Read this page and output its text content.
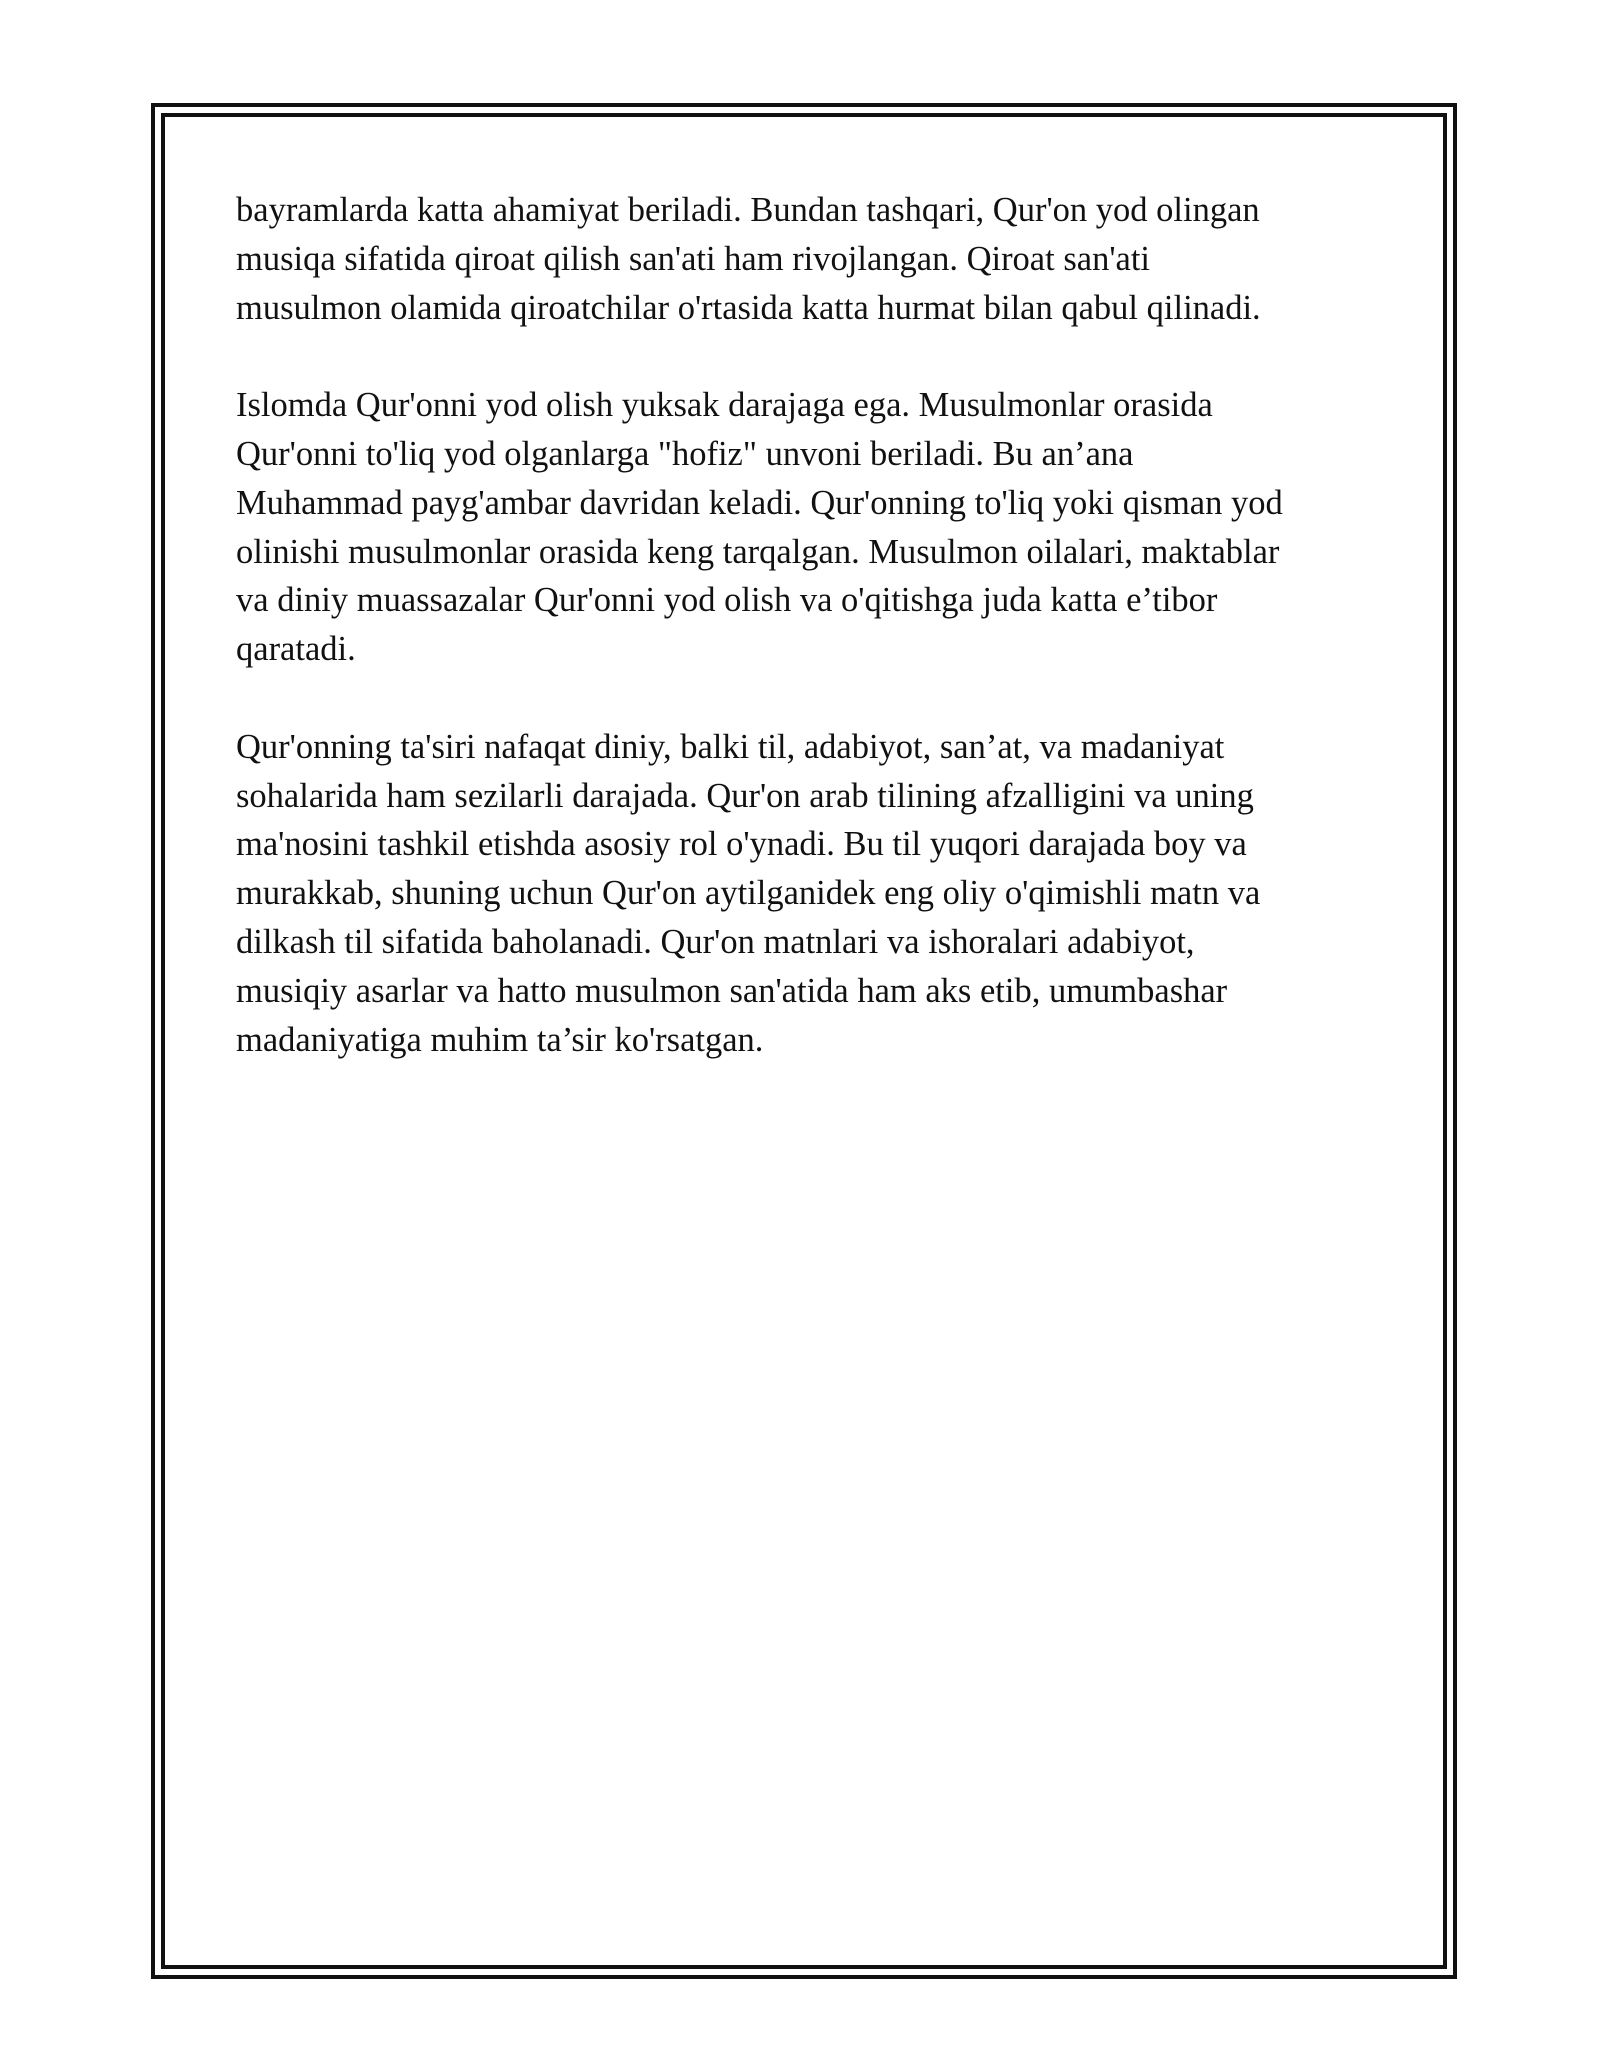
bayramlarda katta ahamiyat beriladi. Bundan tashqari, Qur'on yod olingan
musiqa sifatida qiroat qilish san'ati ham rivojlangan. Qiroat san'ati
musulmon olamida qiroatchilar o'rtasida katta hurmat bilan qabul qilinadi.

Islomda Qur'onni yod olish yuksak darajaga ega. Musulmonlar orasida
Qur'onni to'liq yod olganlarga "hofiz" unvoni beriladi. Bu an’ana
Muhammad payg'ambar davridan keladi. Qur'onning to'liq yoki qisman yod
olinishi musulmonlar orasida keng tarqalgan. Musulmon oilalari, maktablar
va diniy muassazalar Qur'onni yod olish va o'qitishga juda katta e’tibor
qaratadi.

Qur'onning ta'siri nafaqat diniy, balki til, adabiyot, san’at, va madaniyat
sohalarida ham sezilarli darajada. Qur'on arab tilining afzalligini va uning
ma'nosini tashkil etishda asosiy rol o'ynadi. Bu til yuqori darajada boy va
murakkab, shuning uchun Qur'on aytilganidek eng oliy o'qimishli matn va
dilkash til sifatida baholanadi. Qur'on matnlari va ishoralari adabiyot,
musiqiy asarlar va hatto musulmon san'atida ham aks etib, umumbashar
madaniyatiga muhim ta’sir ko'rsatgan.
